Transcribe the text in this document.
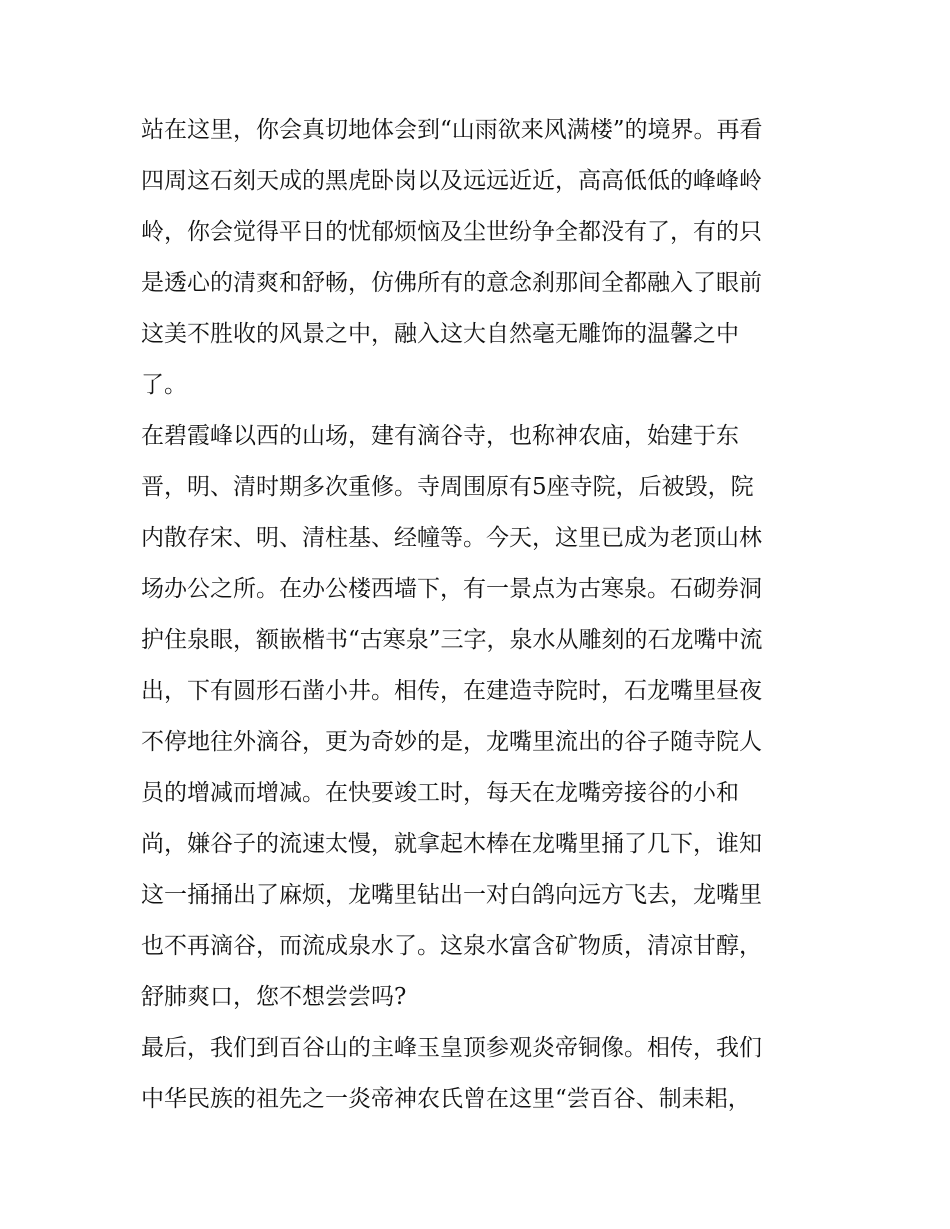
站在这里，你会真切地体会到“山雨欲来风满楼”的境界。再看
四周这石刻天成的黑虎卧岗以及远远近近，高高低低的峰峰岭
岭，你会觉得平日的忧郁烦恼及尘世纷争全都没有了，有的只
是透心的清爽和舒畅，仿佛所有的意念刹那间全都融入了眼前
这美不胜收的风景之中，融入这大自然毫无雕饰的温馨之中
了。
在碧霞峰以西的山场，建有滴谷寺，也称神农庙，始建于东
晋，明、清时期多次重修。寺周围原有5座寺院，后被毁，院
内散存宋、明、清柱基、经幢等。今天，这里已成为老顶山林
场办公之所。在办公楼西墙下，有一景点为古寒泉。石砌券洞
护住泉眼，额嵌楷书“古寒泉”三字，泉水从雕刻的石龙嘴中流
出，下有圆形石凿小井。相传，在建造寺院时，石龙嘴里昼夜
不停地往外滴谷，更为奇妙的是，龙嘴里流出的谷子随寺院人
员的增减而增减。在快要竣工时，每天在龙嘴旁接谷的小和
尚，嫌谷子的流速太慢，就拿起木棒在龙嘴里捅了几下，谁知
这一捅捅出了麻烦，龙嘴里钻出一对白鸽向远方飞去，龙嘴里
也不再滴谷，而流成泉水了。这泉水富含矿物质，清凉甘醇，
舒肺爽口，您不想尝尝吗?
最后，我们到百谷山的主峰玉皇顶参观炎帝铜像。相传，我们
中华民族的祖先之一炎帝神农氏曾在这里“尝百谷、制耒耜，
